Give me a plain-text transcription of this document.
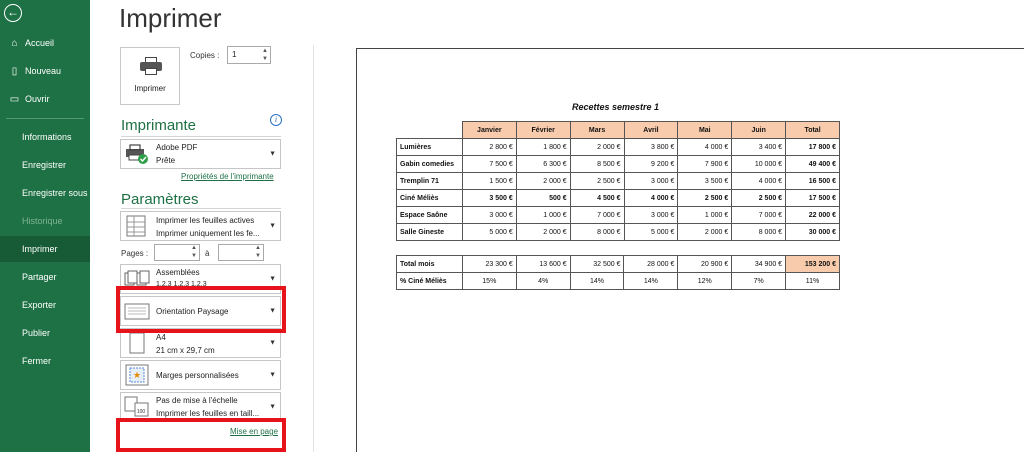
←
⌂ Accueil
▯ Nouveau
▭ Ouvrir
Informations
Enregistrer
Enregistrer sous
Historique
Imprimer
Partager
Exporter
Publier
Fermer
Imprimer
Imprimer
Copies :	1	▲
▼
Imprimante	i
Adobe PDF
Prête
▼
Propriétés de l'imprimante
Paramètres
Imprimer les feuilles actives
Imprimer uniquement les fe...
▼
Pages :
▲
▼ à
▲
▼
Assemblées
1,2,3 1,2,3 1,2,3
▼
Orientation Paysage	▼
A4
21 cm x 29,7 cm
▼
★ Marges personnalisées	▼
100
Pas de mise à l'échelle
Imprimer les feuilles en taill...
▼
Mise en page
Recettes semestre 1
	Janvier	Février	Mars	Avril	Mai	Juin	Total
Lumières	2 800 €	1 800 €	2 000 €	3 800 €	4 000 €	3 400 €	17 800 €
Gabin comedies	7 500 €	6 300 €	8 500 €	9 200 €	7 900 €	10 000 €	49 400 €
Tremplin 71	1 500 €	2 000 €	2 500 €	3 000 €	3 500 €	4 000 €	16 500 €
Ciné Méliès	3 500 €	500 €	4 500 €	4 000 €	2 500 €	2 500 €	17 500 €
Espace Saône	3 000 €	1 000 €	7 000 €	3 000 €	1 000 €	7 000 €	22 000 €
Salle Gineste	5 000 €	2 000 €	8 000 €	5 000 €	2 000 €	8 000 €	30 000 €
Total mois	23 300 €	13 600 €	32 500 €	28 000 €	20 900 €	34 900 €	153 200 €
% Ciné Méliès	15%	4%	14%	14%	12%	7%	11%
